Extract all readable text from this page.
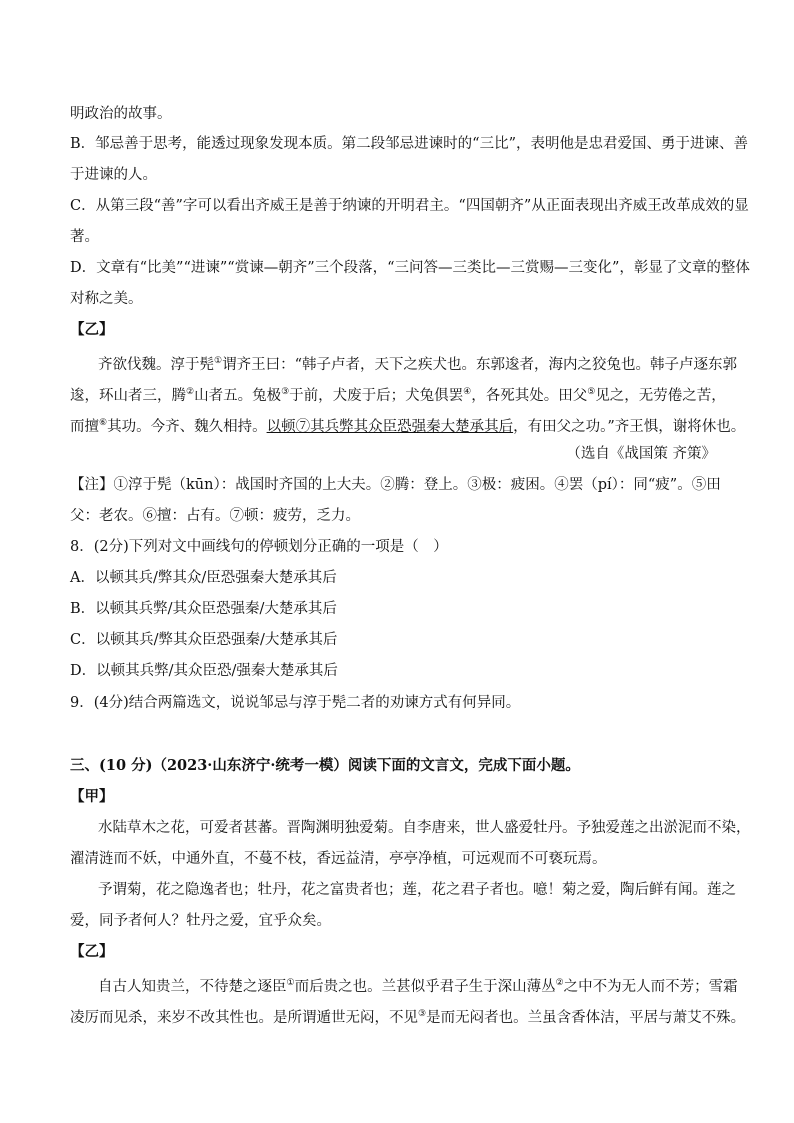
明政治的故事。
B．邹忌善于思考，能透过现象发现本质。第二段邹忌进谏时的“三比”，表明他是忠君爱国、勇于进谏、善
于进谏的人。
C．从第三段“善”字可以看出齐威王是善于纳谏的开明君主。“四国朝齐”从正面表现出齐威王改革成效的显
著。
D．文章有“比美”“进谏”“赏谏—朝齐”三个段落，“三问答—三类比—三赏赐—三变化”，彰显了文章的整体
对称之美。
【乙】
齐欲伐魏。淳于髡①谓齐王曰：“韩子卢者，天下之疾犬也。东郭逡者，海内之狡兔也。韩子卢逐东郭
逡，环山者三，腾②山者五。兔极③于前，犬废于后；犬兔俱罢④，各死其处。田父⑤见之，无劳倦之苦，
而擅⑥其功。今齐、魏久相持。以顿⑦其兵弊其众臣恐强秦大楚承其后，有田父之功。”齐王惧，谢将休也。
（选自《战国策 齐策》
【注】①淳于髡（kūn）：战国时齐国的上大夫。②腾：登上。③极：疲困。④罢（pí）：同“疲”。⑤田
父：老农。⑥擅：占有。⑦顿：疲劳，乏力。
8．(2分)下列对文中画线句的停顿划分正确的一项是（　）
A．以顿其兵/弊其众/臣恐强秦大楚承其后
B．以顿其兵弊/其众臣恐强秦/大楚承其后
C．以顿其兵/弊其众臣恐强秦/大楚承其后
D．以顿其兵弊/其众臣恐/强秦大楚承其后
9．(4分)结合两篇选文，说说邹忌与淳于髡二者的劝谏方式有何异同。
三、(10 分)（2023·山东济宁·统考一模）阅读下面的文言文，完成下面小题。
【甲】
水陆草木之花，可爱者甚蕃。晋陶渊明独爱菊。自李唐来，世人盛爱牡丹。予独爱莲之出淤泥而不染，
濯清涟而不妖，中通外直，不蔓不枝，香远益清，亭亭净植，可远观而不可亵玩焉。
予谓菊，花之隐逸者也；牡丹，花之富贵者也；莲，花之君子者也。噫！菊之爱，陶后鲜有闻。莲之
爱，同予者何人？牡丹之爱，宜乎众矣。
【乙】
自古人知贵兰，不待楚之逐臣①而后贵之也。兰甚似乎君子生于深山薄丛②之中不为无人而不芳；雪霜
凌厉而见杀，来岁不改其性也。是所谓遁世无闷，不见③是而无闷者也。兰虽含香体洁，平居与萧艾不殊。
